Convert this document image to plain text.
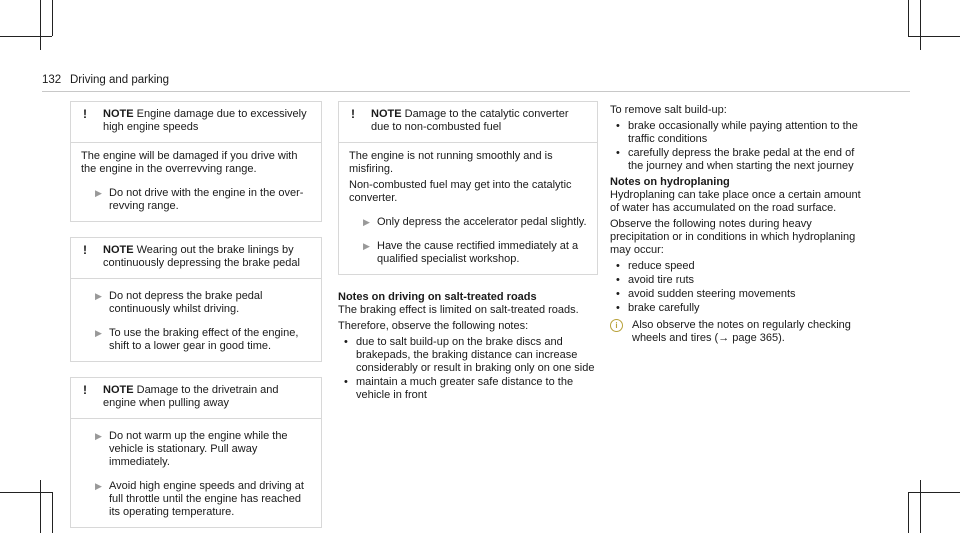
132 Driving and parking
! NOTE Engine damage due to excessively high engine speeds

The engine will be damaged if you drive with the engine in the overrevving range.

▶ Do not drive with the engine in the over-revving range.
! NOTE Wearing out the brake linings by continuously depressing the brake pedal
▶ Do not depress the brake pedal continuously whilst driving.
▶ To use the braking effect of the engine, shift to a lower gear in good time.
! NOTE Damage to the drivetrain and engine when pulling away
▶ Do not warm up the engine while the vehicle is stationary. Pull away immediately.
▶ Avoid high engine speeds and driving at full throttle until the engine has reached its operating temperature.
! NOTE Damage to the catalytic converter due to non-combusted fuel

The engine is not running smoothly and is misfiring.

Non-combusted fuel may get into the catalytic converter.

▶ Only depress the accelerator pedal slightly.
▶ Have the cause rectified immediately at a qualified specialist workshop.

Notes on driving on salt-treated roads

The braking effect is limited on salt-treated roads.

Therefore, observe the following notes:

• due to salt build-up on the brake discs and brakepads, the braking distance can increase considerably or result in braking only on one side
• maintain a much greater safe distance to the vehicle in front

To remove salt build-up:

• brake occasionally while paying attention to the traffic conditions
• carefully depress the brake pedal at the end of the journey and when starting the next journey

Notes on hydroplaning

Hydroplaning can take place once a certain amount of water has accumulated on the road surface.

Observe the following notes during heavy precipitation or in conditions in which hydroplaning may occur:

• reduce speed
• avoid tire ruts
• avoid sudden steering movements
• brake carefully
i	Also observe the notes on regularly checking wheels and tires (→ page 365).
